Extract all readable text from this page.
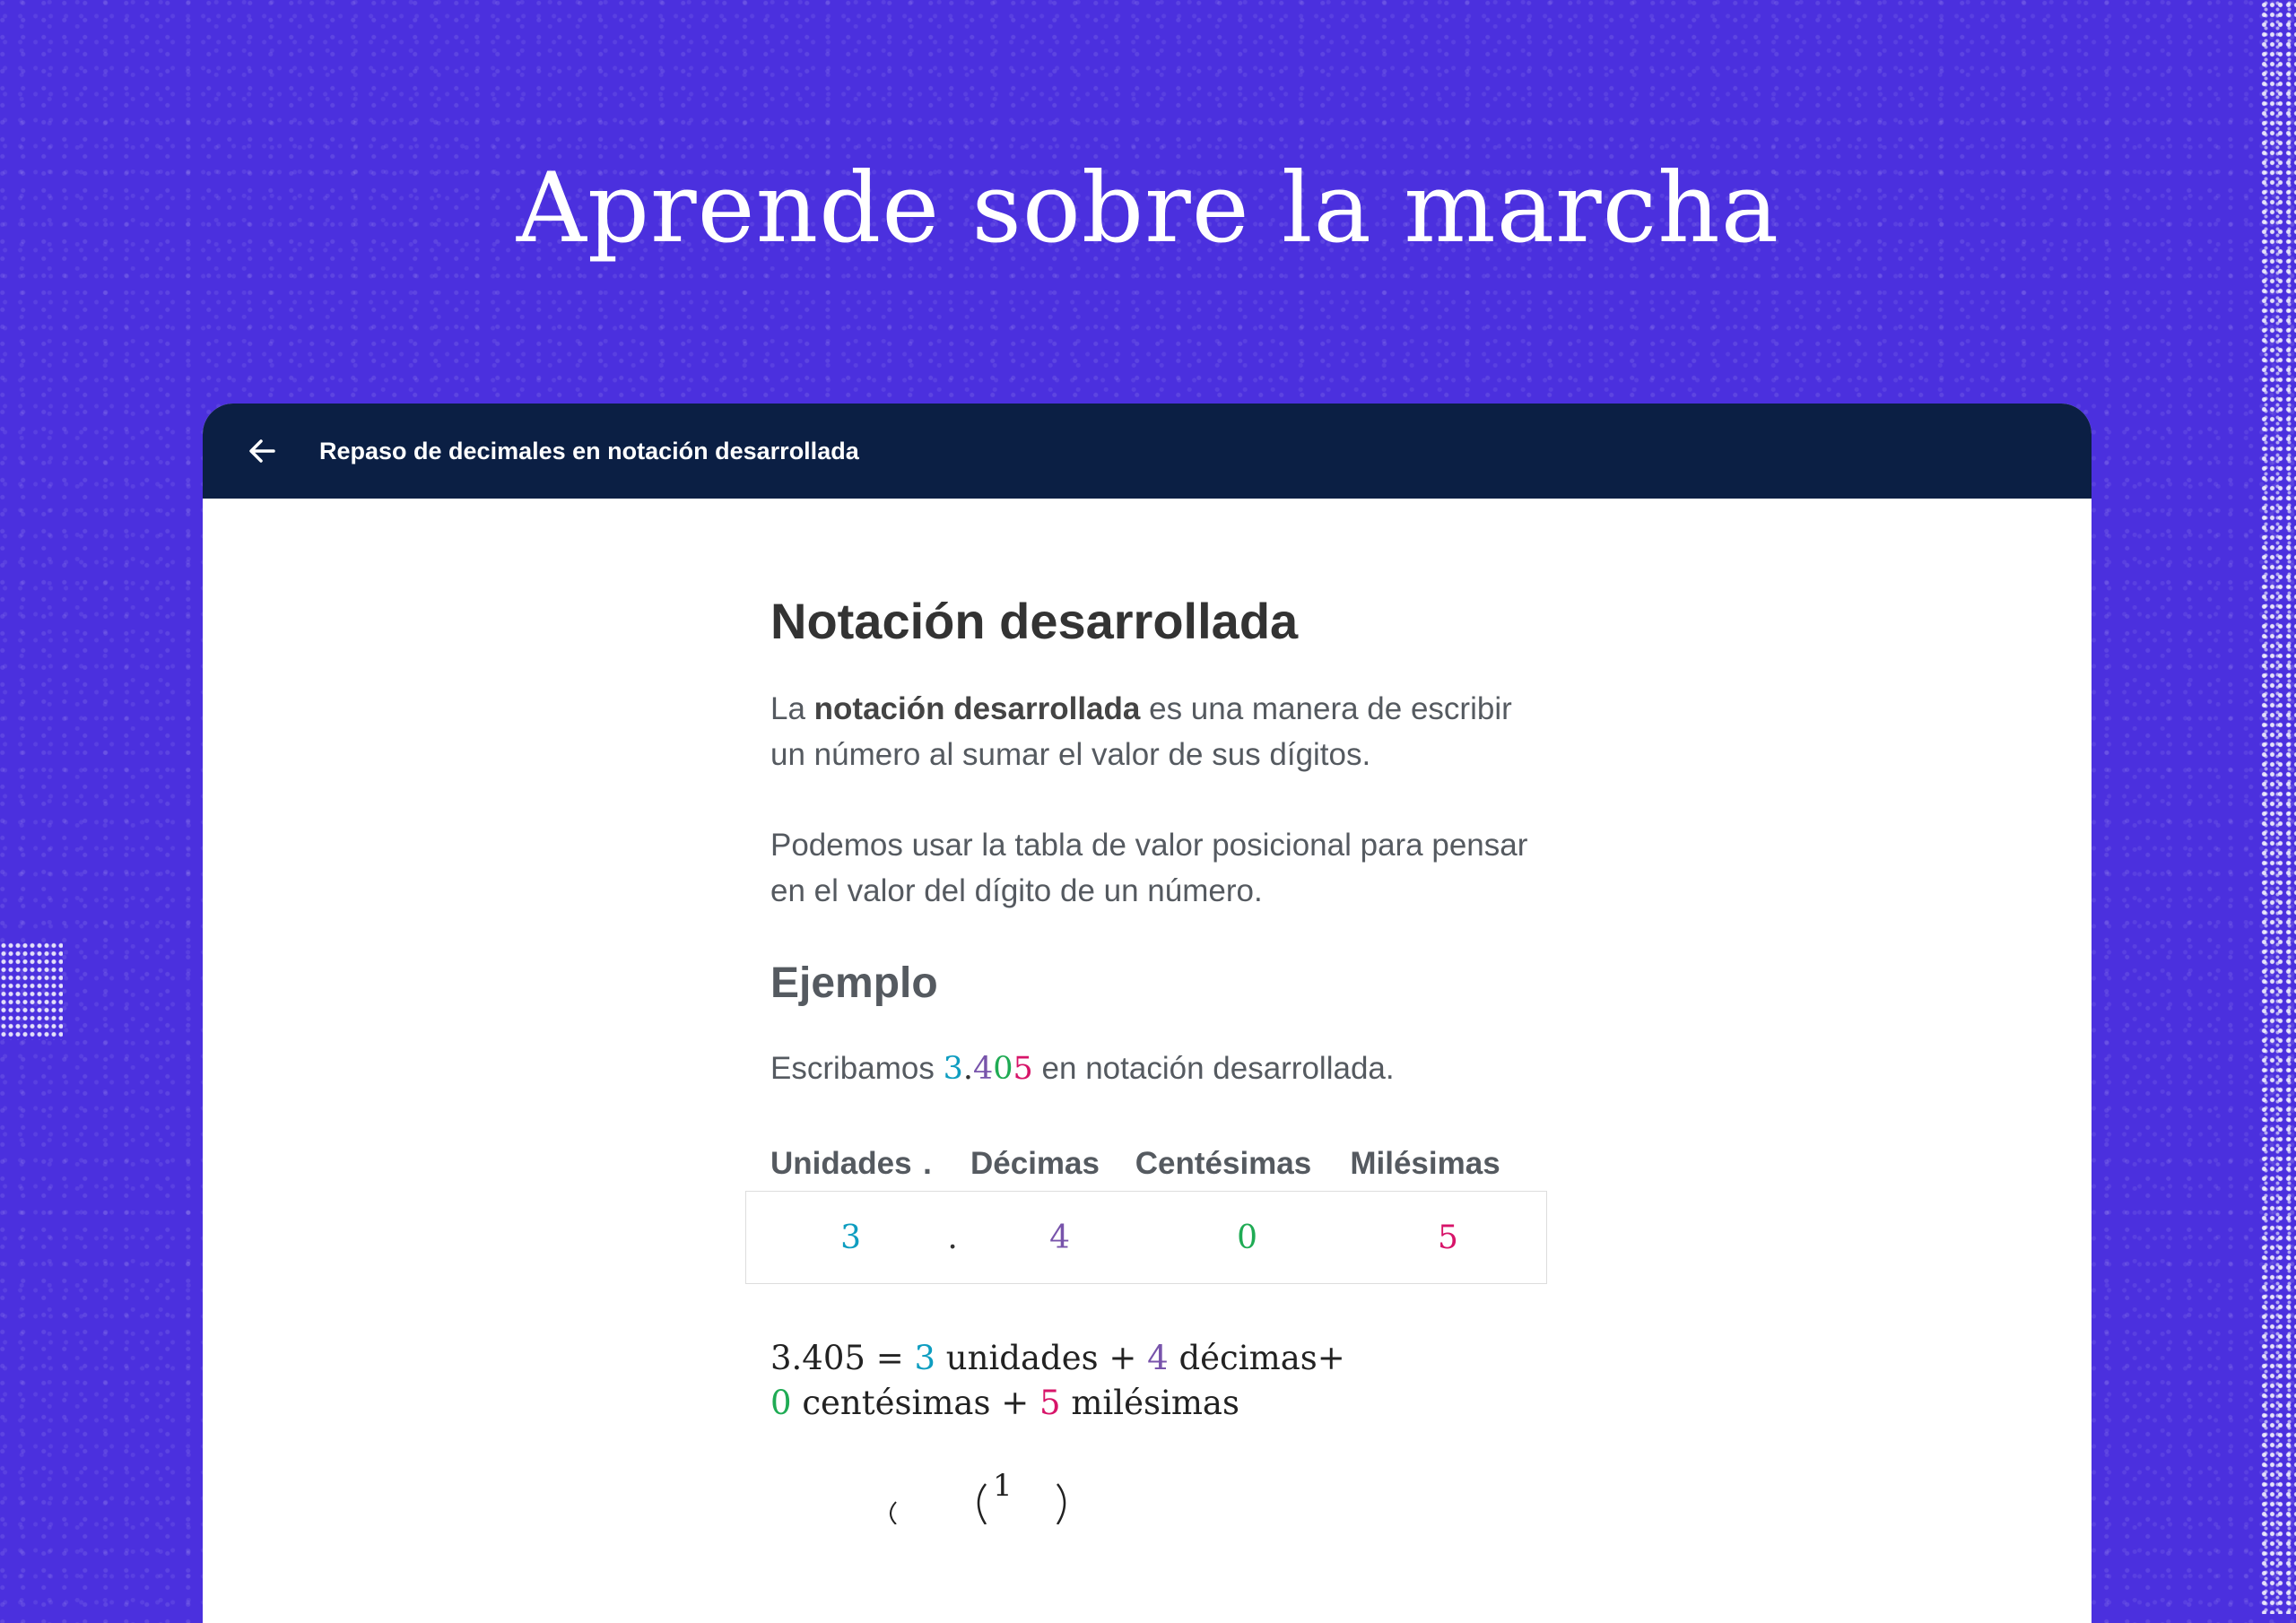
Aprende sobre la marcha
Repaso de decimales en notación desarrollada
Notación desarrollada

La notación desarrollada es una manera de escribir un número al sumar el valor de sus dígitos.

Podemos usar la tabla de valor posicional para pensar en el valor del dígito de un número.

Ejemplo

Escribamos 3.405 en notación desarrollada.

Unidades .	Décimas	Centésimas	Milésimas
3	.	4	0	5
3.405 = 3 unidades + 4 décimas+
0 centésimas + 5 milésimas
1
